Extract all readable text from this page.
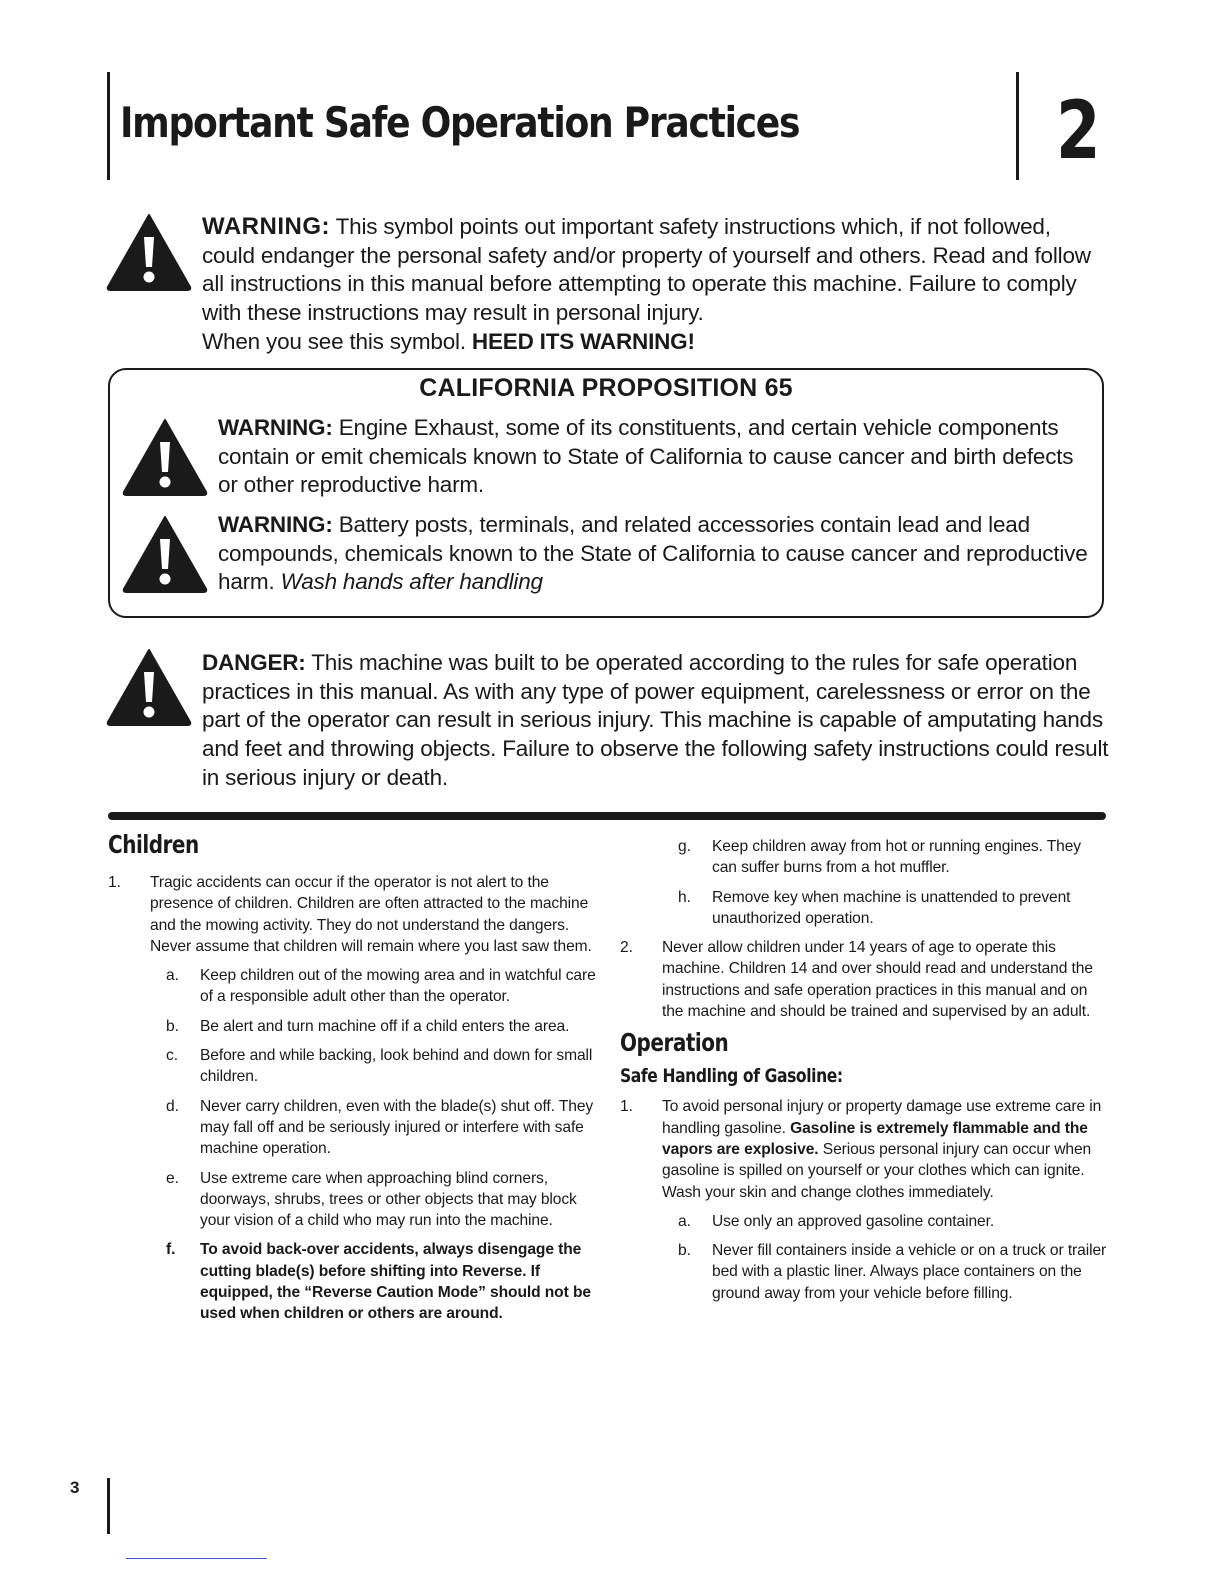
Important Safe Operation Practices	2
WARNING: This symbol points out important safety instructions which, if not followed, could endanger the personal safety and/or property of yourself and others. Read and follow all instructions in this manual before attempting to operate this machine. Failure to comply with these instructions may result in personal injury.
When you see this symbol. HEED ITS WARNING!
CALIFORNIA PROPOSITION 65
WARNING: Engine Exhaust, some of its constituents, and certain vehicle components contain or emit chemicals known to State of California to cause cancer and birth defects or other reproductive harm.
WARNING: Battery posts, terminals, and related accessories contain lead and lead compounds, chemicals known to the State of California to cause cancer and reproductive harm. Wash hands after handling
DANGER: This machine was built to be operated according to the rules for safe operation practices in this manual. As with any type of power equipment, carelessness or error on the part of the operator can result in serious injury. This machine is capable of amputating hands and feet and throwing objects. Failure to observe the following safety instructions could result in serious injury or death.
Children
1. Tragic accidents can occur if the operator is not alert to the presence of children. Children are often attracted to the machine and the mowing activity. They do not understand the dangers. Never assume that children will remain where you last saw them.
a. Keep children out of the mowing area and in watchful care of a responsible adult other than the operator.
b. Be alert and turn machine off if a child enters the area.
c. Before and while backing, look behind and down for small children.
d. Never carry children, even with the blade(s) shut off. They may fall off and be seriously injured or interfere with safe machine operation.
e. Use extreme care when approaching blind corners, doorways, shrubs, trees or other objects that may block your vision of a child who may run into the machine.
f. To avoid back-over accidents, always disengage the cutting blade(s) before shifting into Reverse. If equipped, the “Reverse Caution Mode” should not be used when children or others are around.
g. Keep children away from hot or running engines. They can suffer burns from a hot muffler.
h. Remove key when machine is unattended to prevent unauthorized operation.
2. Never allow children under 14 years of age to operate this machine. Children 14 and over should read and understand the instructions and safe operation practices in this manual and on the machine and should be trained and supervised by an adult.
Operation
Safe Handling of Gasoline:
1. To avoid personal injury or property damage use extreme care in handling gasoline. Gasoline is extremely flammable and the vapors are explosive. Serious personal injury can occur when gasoline is spilled on yourself or your clothes which can ignite. Wash your skin and change clothes immediately.
a. Use only an approved gasoline container.
b. Never fill containers inside a vehicle or on a truck or trailer bed with a plastic liner. Always place containers on the ground away from your vehicle before filling.
3
